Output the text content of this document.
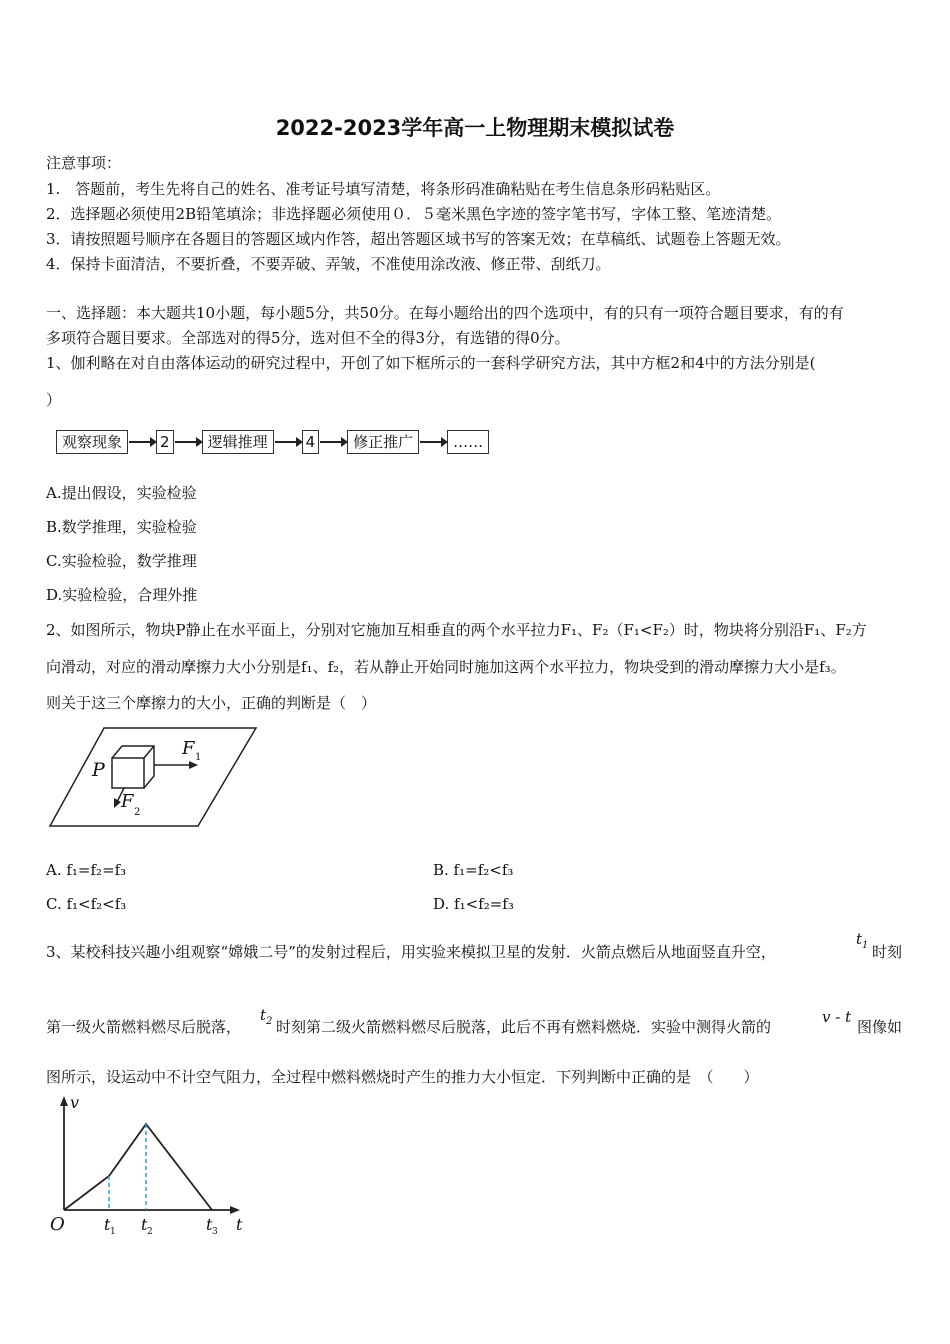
2022-2023学年高一上物理期末模拟试卷
注意事项：
1.　答题前，考生先将自己的姓名、准考证号填写清楚，将条形码准确粘贴在考生信息条形码粘贴区。
2．选择题必须使用2B铅笔填涂；非选择题必须使用０．５毫米黑色字迹的签字笔书写，字体工整、笔迹清楚。
3．请按照题号顺序在各题目的答题区域内作答，超出答题区域书写的答案无效；在草稿纸、试题卷上答题无效。
4．保持卡面清洁，不要折叠，不要弄破、弄皱，不准使用涂改液、修正带、刮纸刀。
一、选择题：本大题共10小题，每小题5分，共50分。在每小题给出的四个选项中，有的只有一项符合题目要求，有的有
多项符合题目要求。全部选对的得5分，选对但不全的得3分，有选错的得0分。
1、伽利略在对自由落体运动的研究过程中，开创了如下框所示的一套科学研究方法，其中方框2和4中的方法分别是(
）
观察现象	2	逻辑推理	4	修正推广	……
A.提出假设，实验检验
B.数学推理，实验检验
C.实验检验，数学推理
D.实验检验，合理外推
2、如图所示，物块P静止在水平面上，分别对它施加互相垂直的两个水平拉力F₁、F₂（F₁<F₂）时，物块将分别沿F₁、F₂方
向滑动，对应的滑动摩擦力大小分别是f₁、f₂，若从静止开始同时施加这两个水平拉力，物块受到的滑动摩擦力大小是f₃。
则关于这三个摩擦力的大小，正确的判断是（　）
P
F 1
F
2
A. f₁=f₂=f₃	B. f₁=f₂<f₃
C. f₁<f₂<f₃	D. f₁<f₂=f₃
3、某校科技兴趣小组观察“嫦娥二号”的发射过程后，用实验来模拟卫星的发射．火箭点燃后从地面竖直升空，
$t_1$ 时刻
第一级火箭燃料燃尽后脱落，
$t_2$ 时刻第二级火箭燃料燃尽后脱落，此后不再有燃料燃烧．实验中测得火箭的
v - t
图像如
图所示，设运动中不计空气阻力，全过程中燃料燃烧时产生的推力大小恒定．下列判断中正确的是　（　　）
v
t
O t 1 t 2	t 3
